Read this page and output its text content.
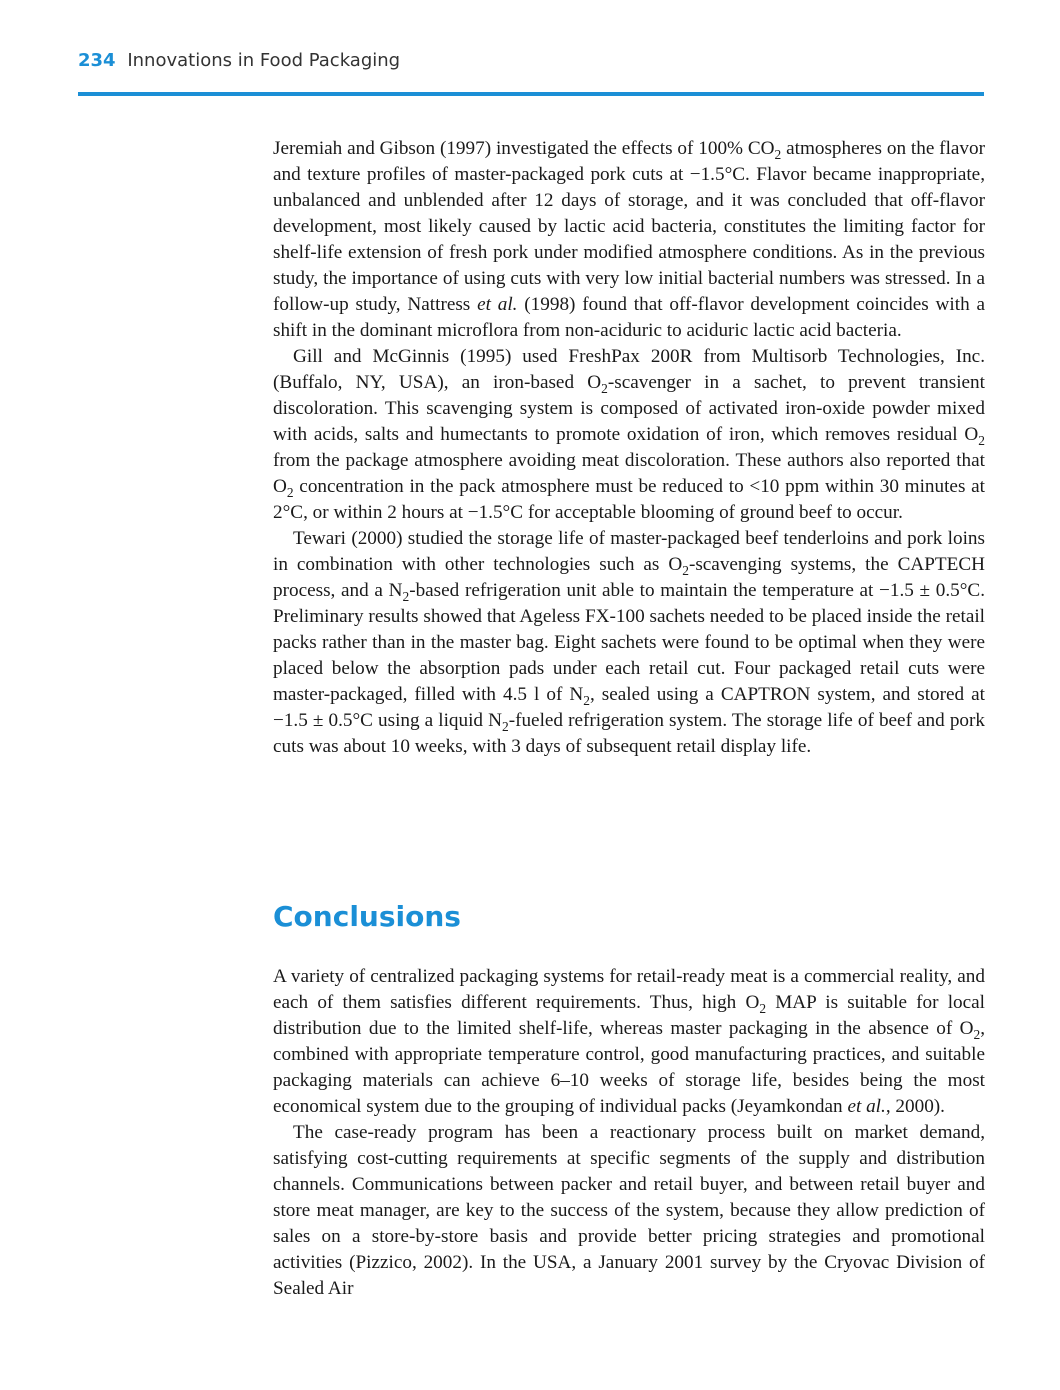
234 Innovations in Food Packaging

Jeremiah and Gibson (1997) investigated the effects of 100% $CO_2$ atmospheres on the flavor and texture profiles of master-packaged pork cuts at −1.5°C. Flavor became inappropriate, unbalanced and unblended after 12 days of storage, and it was concluded that off-flavor development, most likely caused by lactic acid bacteria, constitutes the limiting factor for shelf-life extension of fresh pork under modified atmosphere conditions. As in the previous study, the importance of using cuts with very low initial bacterial numbers was stressed. In a follow-up study, Nattress et al. (1998) found that off-flavor development coincides with a shift in the dominant microflora from non-aciduric to aciduric lactic acid bacteria.

Gill and McGinnis (1995) used FreshPax 200R from Multisorb Technologies, Inc. (Buffalo, NY, USA), an iron-based $O_2$-scavenger in a sachet, to prevent transient discoloration. This scavenging system is composed of activated iron-oxide powder mixed with acids, salts and humectants to promote oxidation of iron, which removes residual $O_2$ from the package atmosphere avoiding meat discoloration. These authors also reported that $O_2$ concentration in the pack atmosphere must be reduced to <10 ppm within 30 minutes at 2°C, or within 2 hours at −1.5°C for acceptable blooming of ground beef to occur.

Tewari (2000) studied the storage life of master-packaged beef tenderloins and pork loins in combination with other technologies such as $O_2$-scavenging systems, the CAPTECH process, and a $N_2$-based refrigeration unit able to maintain the temperature at −1.5 ± 0.5°C. Preliminary results showed that Ageless FX-100 sachets needed to be placed inside the retail packs rather than in the master bag. Eight sachets were found to be optimal when they were placed below the absorption pads under each retail cut. Four packaged retail cuts were master-packaged, filled with 4.5 l of $N_2$, sealed using a CAPTRON system, and stored at −1.5 ± 0.5°C using a liquid $N_2$-fueled refrigeration system. The storage life of beef and pork cuts was about 10 weeks, with 3 days of subsequent retail display life.

Conclusions

A variety of centralized packaging systems for retail-ready meat is a commercial reality, and each of them satisfies different requirements. Thus, high $O_2$ MAP is suitable for local distribution due to the limited shelf-life, whereas master packaging in the absence of $O_2$, combined with appropriate temperature control, good manufacturing practices, and suitable packaging materials can achieve 6–10 weeks of storage life, besides being the most economical system due to the grouping of individual packs (Jeyamkondan et al., 2000).

The case-ready program has been a reactionary process built on market demand, satisfying cost-cutting requirements at specific segments of the supply and distribution channels. Communications between packer and retail buyer, and between retail buyer and store meat manager, are key to the success of the system, because they allow prediction of sales on a store-by-store basis and provide better pricing strategies and promotional activities (Pizzico, 2002). In the USA, a January 2001 survey by the Cryovac Division of Sealed Air
